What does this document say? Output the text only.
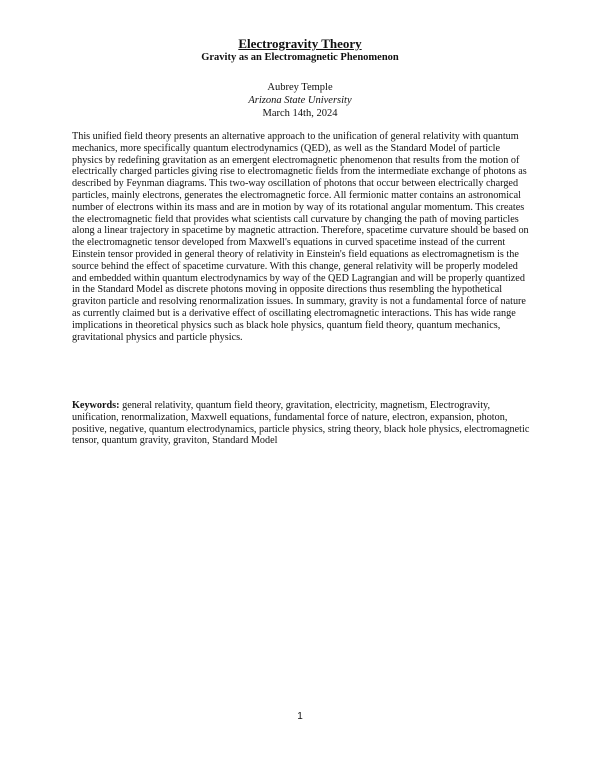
Electrogravity Theory
Gravity as an Electromagnetic Phenomenon
Aubrey Temple
Arizona State University
March 14th, 2024

This unified field theory presents an alternative approach to the unification of general relativity with quantum mechanics, more specifically quantum electrodynamics (QED), as well as the Standard Model of particle physics by redefining gravitation as an emergent electromagnetic phenomenon that results from the motion of electrically charged particles giving rise to electromagnetic fields from the intermediate exchange of photons as described by Feynman diagrams. This two-way oscillation of photons that occur between electrically charged particles, mainly electrons, generates the electromagnetic force. All fermionic matter contains an astronomical number of electrons within its mass and are in motion by way of its rotational angular momentum. This creates the electromagnetic field that provides what scientists call curvature by changing the path of moving particles along a linear trajectory in spacetime by magnetic attraction. Therefore, spacetime curvature should be based on the electromagnetic tensor developed from Maxwell's equations in curved spacetime instead of the current Einstein tensor provided in general theory of relativity in Einstein's field equations as electromagnetism is the source behind the effect of spacetime curvature. With this change, general relativity will be properly modeled and embedded within quantum electrodynamics by way of the QED Lagrangian and will be properly quantized in the Standard Model as discrete photons moving in opposite directions thus resembling the hypothetical graviton particle and resolving renormalization issues. In summary, gravity is not a fundamental force of nature as currently claimed but is a derivative effect of oscillating electromagnetic interactions. This has wide range implications in theoretical physics such as black hole physics, quantum field theory, quantum mechanics, gravitational physics and particle physics.

Keywords: general relativity, quantum field theory, gravitation, electricity, magnetism, Electrogravity, unification, renormalization, Maxwell equations, fundamental force of nature, electron, expansion, photon, positive, negative, quantum electrodynamics, particle physics, string theory, black hole physics, electromagnetic tensor, quantum gravity, graviton, Standard Model

1
